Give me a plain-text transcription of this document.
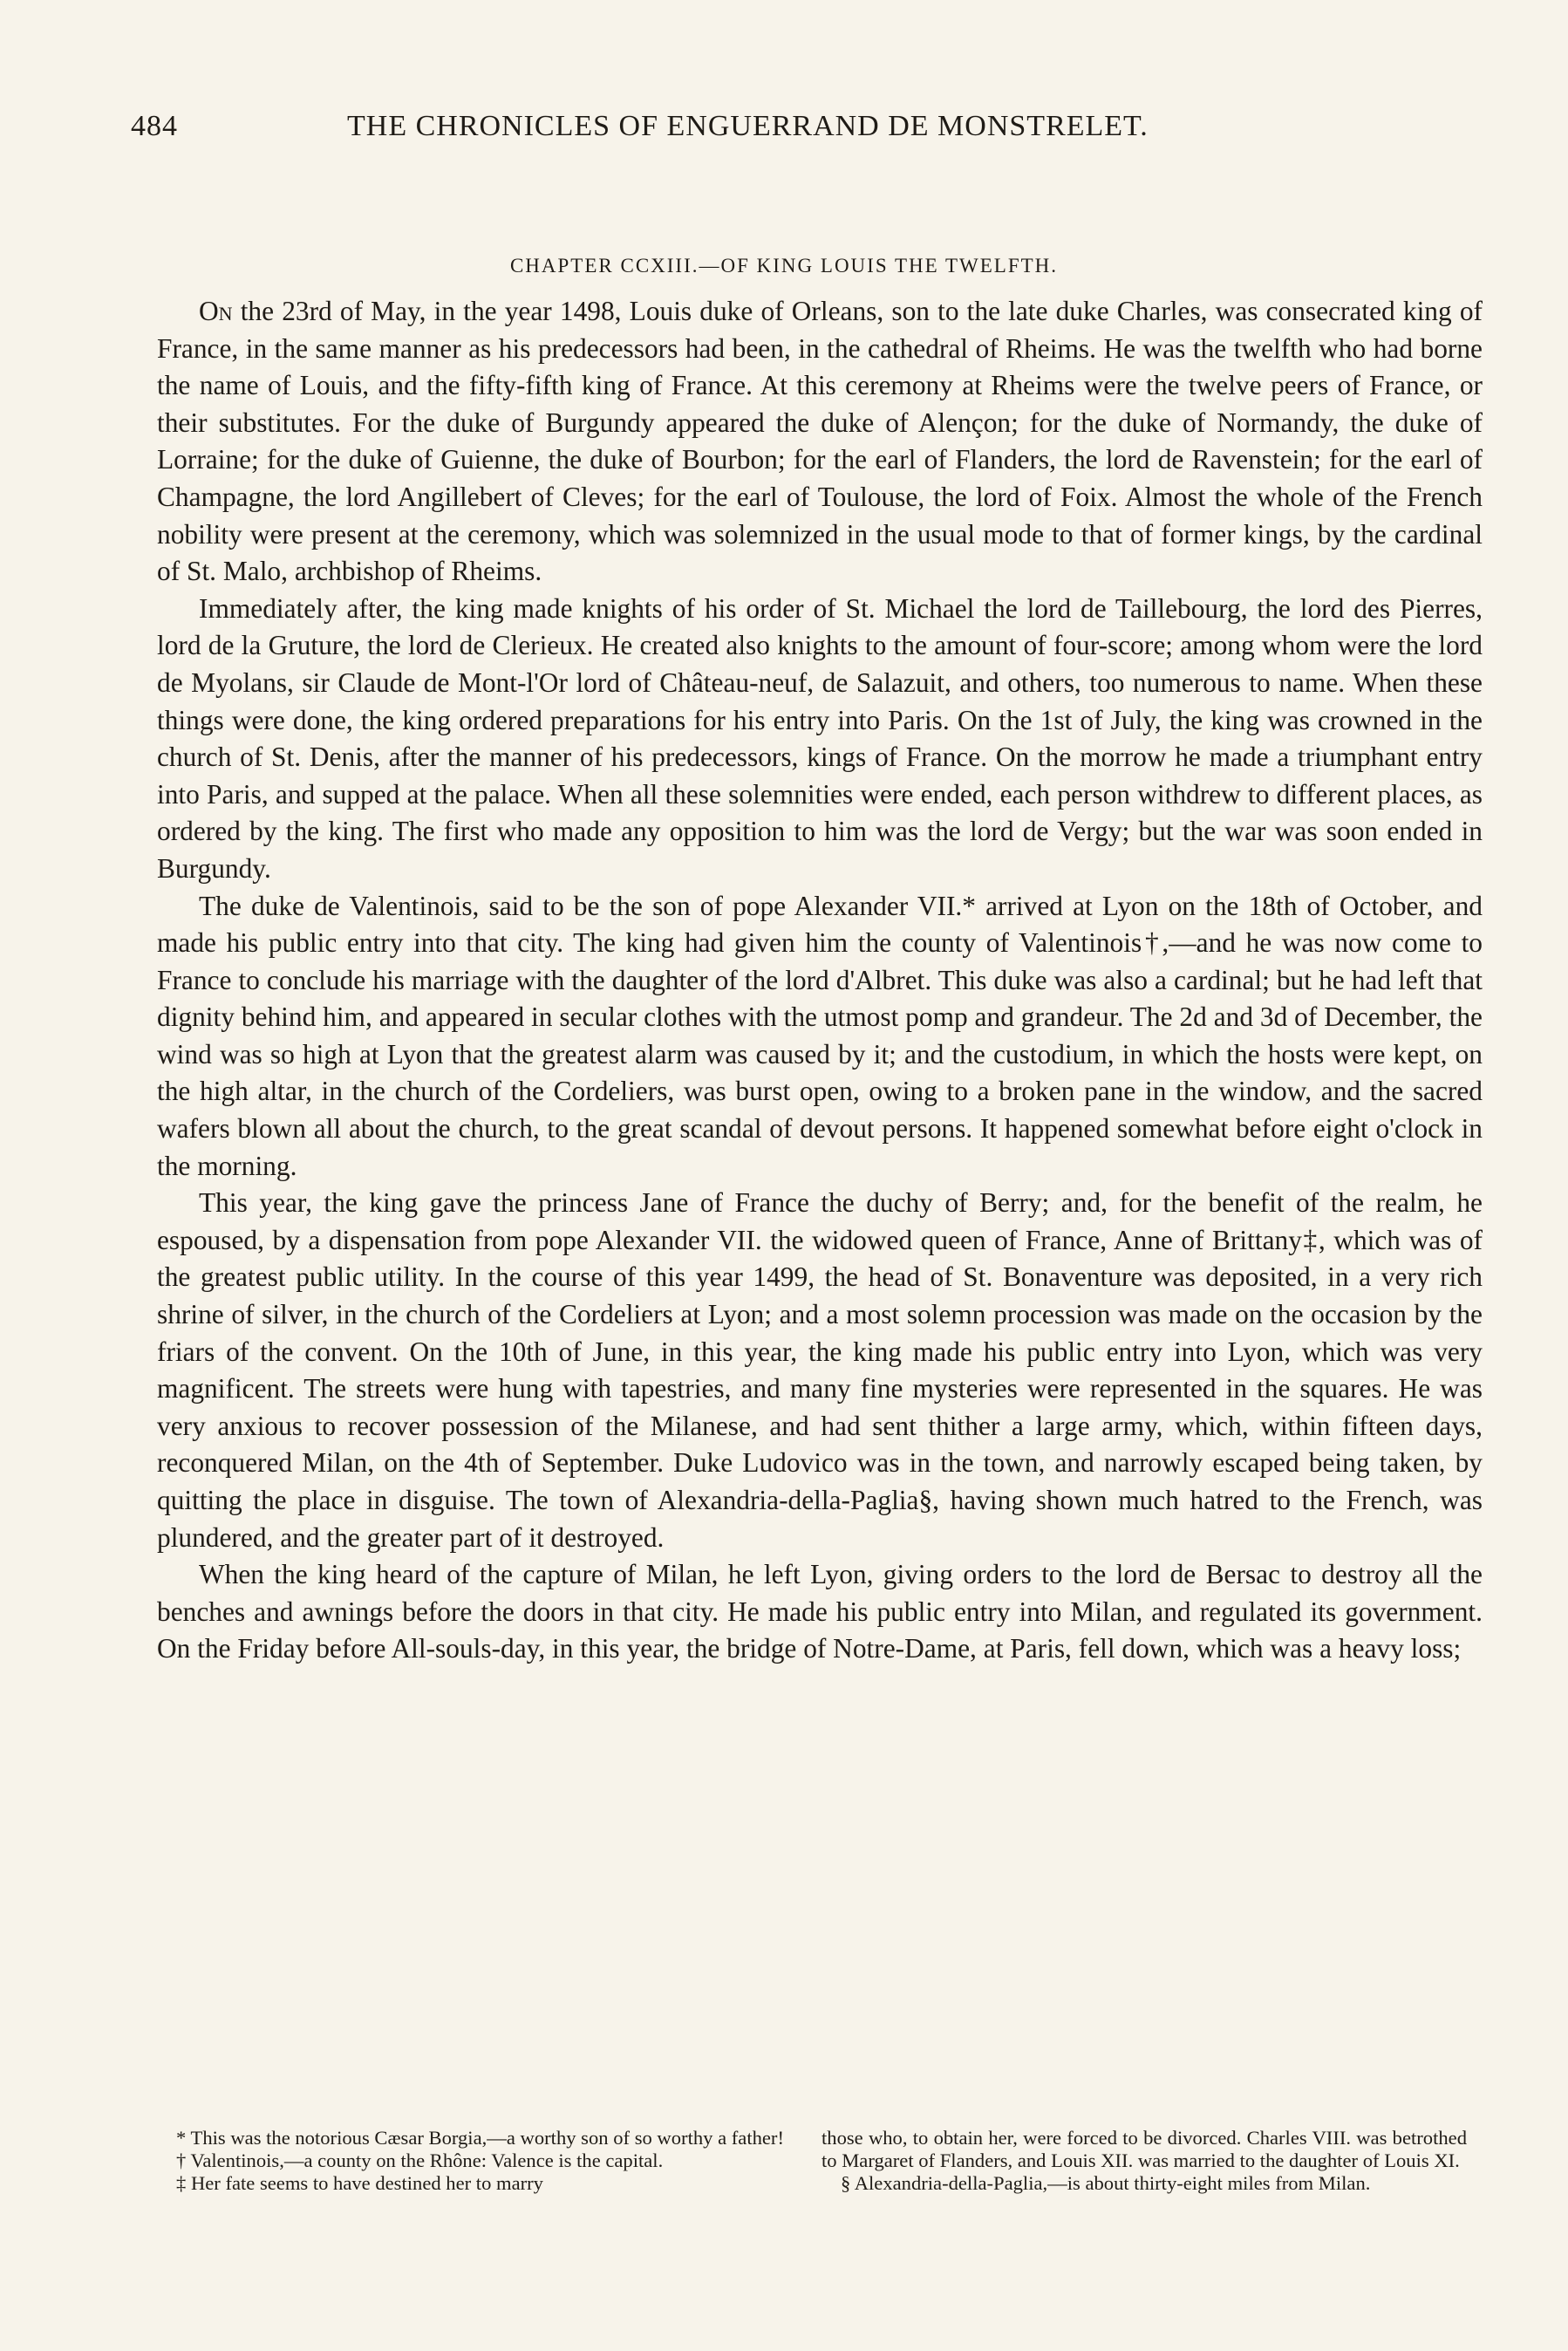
484	THE CHRONICLES OF ENGUERRAND DE MONSTRELET.
CHAPTER CCXIII.—OF KING LOUIS THE TWELFTH.

On the 23rd of May, in the year 1498, Louis duke of Orleans, son to the late duke Charles, was consecrated king of France, in the same manner as his predecessors had been, in the cathedral of Rheims. He was the twelfth who had borne the name of Louis, and the fifty-fifth king of France. At this ceremony at Rheims were the twelve peers of France, or their substitutes. For the duke of Burgundy appeared the duke of Alençon; for the duke of Normandy, the duke of Lorraine; for the duke of Guienne, the duke of Bourbon; for the earl of Flanders, the lord de Ravenstein; for the earl of Champagne, the lord Angillebert of Cleves; for the earl of Toulouse, the lord of Foix. Almost the whole of the French nobility were present at the ceremony, which was solemnized in the usual mode to that of former kings, by the cardinal of St. Malo, archbishop of Rheims.

Immediately after, the king made knights of his order of St. Michael the lord de Taillebourg, the lord des Pierres, lord de la Gruture, the lord de Clerieux. He created also knights to the amount of four-score; among whom were the lord de Myolans, sir Claude de Mont-l'Or lord of Château-neuf, de Salazuit, and others, too numerous to name. When these things were done, the king ordered preparations for his entry into Paris. On the 1st of July, the king was crowned in the church of St. Denis, after the manner of his predecessors, kings of France. On the morrow he made a triumphant entry into Paris, and supped at the palace. When all these solemnities were ended, each person withdrew to different places, as ordered by the king. The first who made any opposition to him was the lord de Vergy; but the war was soon ended in Burgundy.

The duke de Valentinois, said to be the son of pope Alexander VII.* arrived at Lyon on the 18th of October, and made his public entry into that city. The king had given him the county of Valentinois†,—and he was now come to France to conclude his marriage with the daughter of the lord d'Albret. This duke was also a cardinal; but he had left that dignity behind him, and appeared in secular clothes with the utmost pomp and grandeur. The 2d and 3d of December, the wind was so high at Lyon that the greatest alarm was caused by it; and the custodium, in which the hosts were kept, on the high altar, in the church of the Cordeliers, was burst open, owing to a broken pane in the window, and the sacred wafers blown all about the church, to the great scandal of devout persons. It happened somewhat before eight o'clock in the morning.

This year, the king gave the princess Jane of France the duchy of Berry; and, for the benefit of the realm, he espoused, by a dispensation from pope Alexander VII. the widowed queen of France, Anne of Brittany‡, which was of the greatest public utility. In the course of this year 1499, the head of St. Bonaventure was deposited, in a very rich shrine of silver, in the church of the Cordeliers at Lyon; and a most solemn procession was made on the occasion by the friars of the convent. On the 10th of June, in this year, the king made his public entry into Lyon, which was very magnificent. The streets were hung with tapestries, and many fine mysteries were represented in the squares. He was very anxious to recover possession of the Milanese, and had sent thither a large army, which, within fifteen days, reconquered Milan, on the 4th of September. Duke Ludovico was in the town, and narrowly escaped being taken, by quitting the place in disguise. The town of Alexandria-della-Paglia§, having shown much hatred to the French, was plundered, and the greater part of it destroyed.

When the king heard of the capture of Milan, he left Lyon, giving orders to the lord de Bersac to destroy all the benches and awnings before the doors in that city. He made his public entry into Milan, and regulated its government. On the Friday before All-souls-day, in this year, the bridge of Notre-Dame, at Paris, fell down, which was a heavy loss;

* This was the notorious Cæsar Borgia,—a worthy son of so worthy a father!

† Valentinois,—a county on the Rhône: Valence is the capital.

‡ Her fate seems to have destined her to marry

those who, to obtain her, were forced to be divorced. Charles VIII. was betrothed to Margaret of Flanders, and Louis XII. was married to the daughter of Louis XI.

§ Alexandria-della-Paglia,—is about thirty-eight miles from Milan.
